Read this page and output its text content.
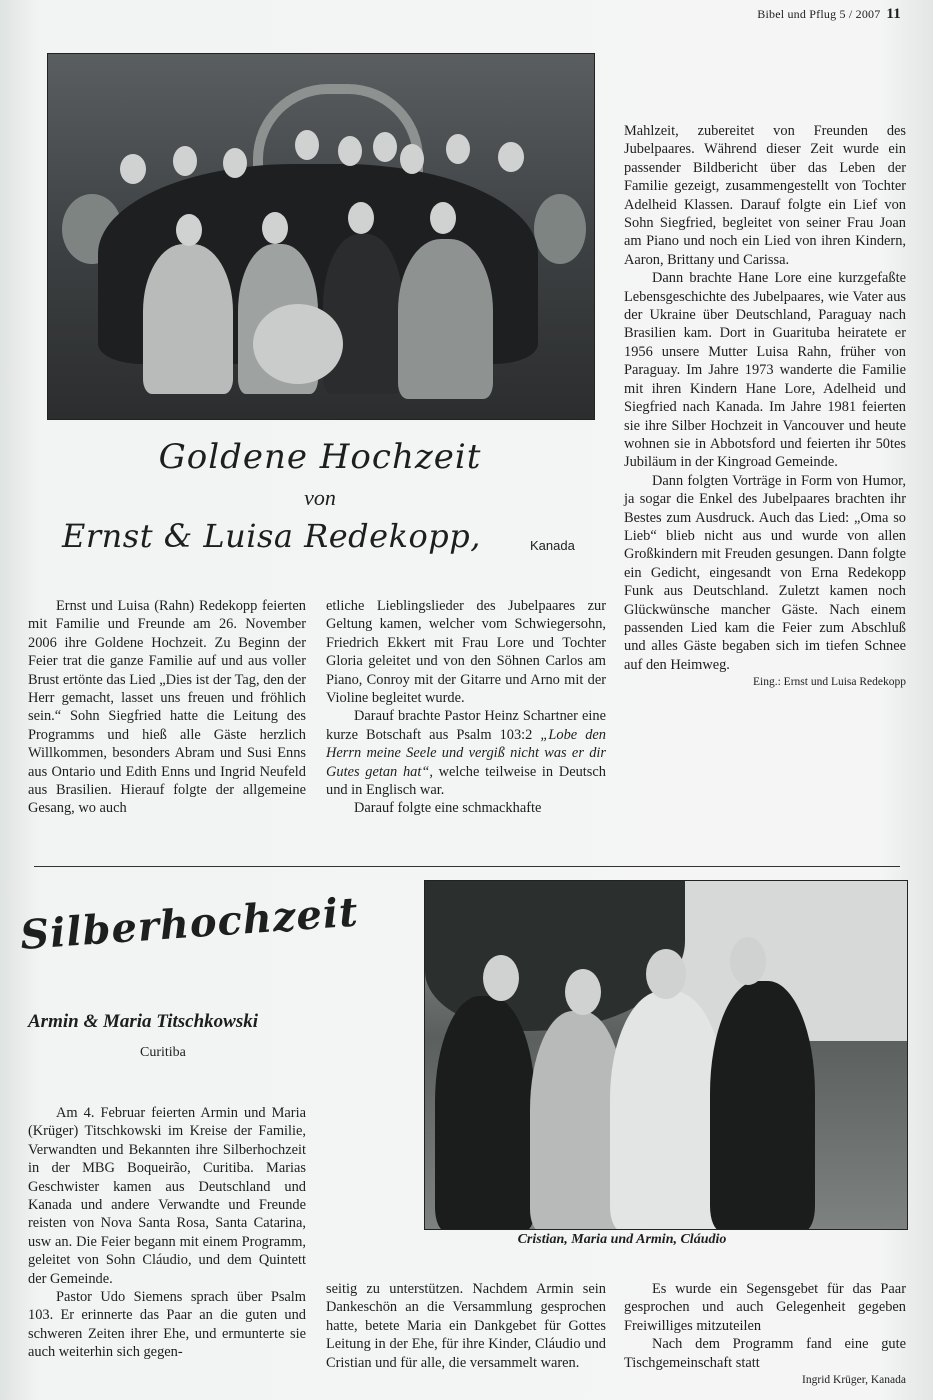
Bibel und Pflug 5 / 2007 11
Goldene Hochzeit
von
Ernst & Luisa Redekopp,	Kanada

Ernst und Luisa (Rahn) Redekopp feierten mit Familie und Freunde am 26. November 2006 ihre Goldene Hochzeit. Zu Beginn der Feier trat die ganze Familie auf und aus voller Brust ertönte das Lied „Dies ist der Tag, den der Herr gemacht, lasset uns freuen und fröhlich sein.“ Sohn Siegfried hatte die Leitung des Programms und hieß alle Gäste herzlich Willkommen, besonders Abram und Susi Enns aus Ontario und Edith Enns und Ingrid Neufeld aus Brasilien. Hierauf folgte der allgemeine Gesang, wo auch

etliche Lieblingslieder des Jubelpaares zur Geltung kamen, welcher vom Schwiegersohn, Friedrich Ekkert mit Frau Lore und Tochter Gloria geleitet und von den Söhnen Carlos am Piano, Conroy mit der Gitarre und Arno mit der Violine begleitet wurde.

Darauf brachte Pastor Heinz Schartner eine kurze Botschaft aus Psalm 103:2 „Lobe den Herrn meine Seele und vergiß nicht was er dir Gutes getan hat“, welche teilweise in Deutsch und in Englisch war.

Darauf folgte eine schmackhafte

Mahlzeit, zubereitet von Freunden des Jubelpaares. Während dieser Zeit wurde ein passender Bildbericht über das Leben der Familie gezeigt, zusammengestellt von Tochter Adelheid Klassen. Darauf folgte ein Lief von Sohn Siegfried, begleitet von seiner Frau Joan am Piano und noch ein Lied von ihren Kindern, Aaron, Brittany und Carissa.

Dann brachte Hane Lore eine kurzgefaßte Lebensgeschichte des Jubelpaares, wie Vater aus der Ukraine über Deutschland, Paraguay nach Brasilien kam. Dort in Guarituba heiratete er 1956 unsere Mutter Luisa Rahn, früher von Paraguay. Im Jahre 1973 wanderte die Familie mit ihren Kindern Hane Lore, Adelheid und Siegfried nach Kanada. Im Jahre 1981 feierten sie ihre Silber Hochzeit in Vancouver und heute wohnen sie in Abbotsford und feierten ihr 50tes Jubiläum in der Kingroad Gemeinde.

Dann folgten Vorträge in Form von Humor, ja sogar die Enkel des Jubelpaares brachten ihr Bestes zum Ausdruck. Auch das Lied: „Oma so Lieb“ blieb nicht aus und wurde von allen Großkindern mit Freuden gesungen. Dann folgte ein Gedicht, eingesandt von Erna Redekopp Funk aus Deutschland. Zuletzt kamen noch Glückwünsche mancher Gäste. Nach einem passenden Lied kam die Feier zum Abschluß und alles Gäste begaben sich im tiefen Schnee auf den Heimweg.

Eing.: Ernst und Luisa Redekopp
Silberhochzeit
Armin & Maria Titschkowski
Curitiba
Cristian, Maria und Armin, Cláudio

Am 4. Februar feierten Armin und Maria (Krüger) Titschkowski im Kreise der Familie, Verwandten und Bekannten ihre Silberhochzeit in der MBG Boqueirão, Curitiba. Marias Geschwister kamen aus Deutschland und Kanada und andere Verwandte und Freunde reisten von Nova Santa Rosa, Santa Catarina, usw an. Die Feier begann mit einem Programm, geleitet von Sohn Cláudio, und dem Quintett der Gemeinde.

Pastor Udo Siemens sprach über Psalm 103. Er erinnerte das Paar an die guten und schweren Zeiten ihrer Ehe, und ermunterte sie auch weiterhin sich gegen-

seitig zu unterstützen. Nachdem Armin sein Dankeschön an die Versammlung gesprochen hatte, betete Maria ein Dankgebet für Gottes Leitung in der Ehe, für ihre Kinder, Cláudio und Cristian und für alle, die versammelt waren.

Es wurde ein Segensgebet für das Paar gesprochen und auch Gelegenheit gegeben Freiwilliges mitzuteilen

Nach dem Programm fand eine gute Tischgemeinschaft statt

Ingrid Krüger, Kanada
